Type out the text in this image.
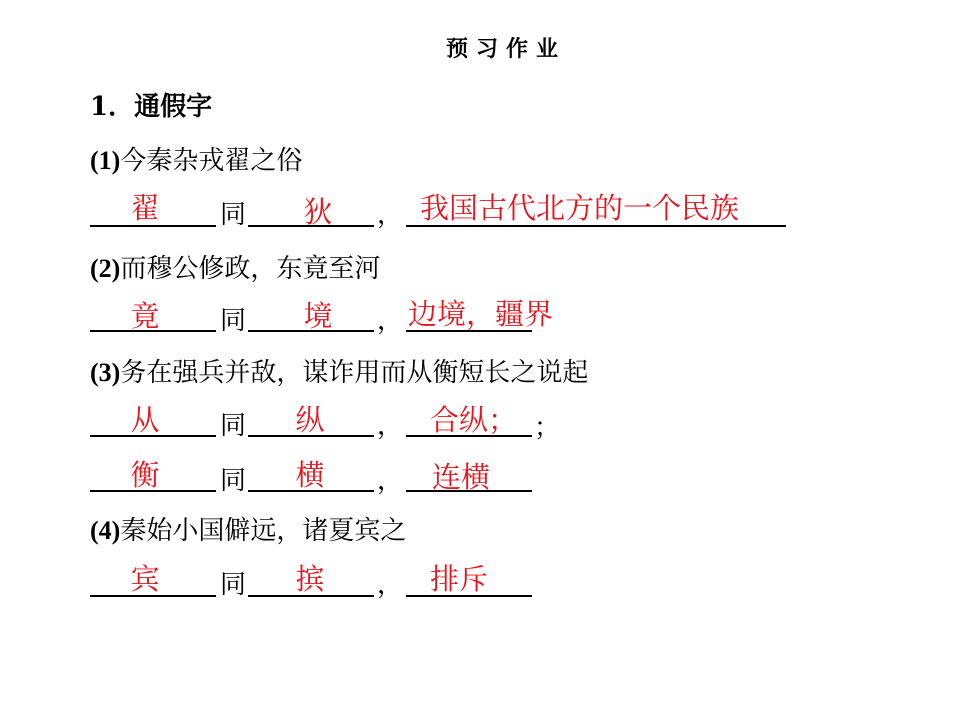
预习作业
1．通假字
(1)今秦杂戎翟之俗
翟	同	狄	， 我国古代北方的一个民族
(2)而穆公修政，东竟至河
竟	同	境	， 边境，疆界
(3)务在强兵并敌，谋诈用而从衡短长之说起
从	同	纵	， 合纵； ；
衡	同	横	， 连横
(4)秦始小国僻远，诸夏宾之
宾	同	摈	， 排斥
